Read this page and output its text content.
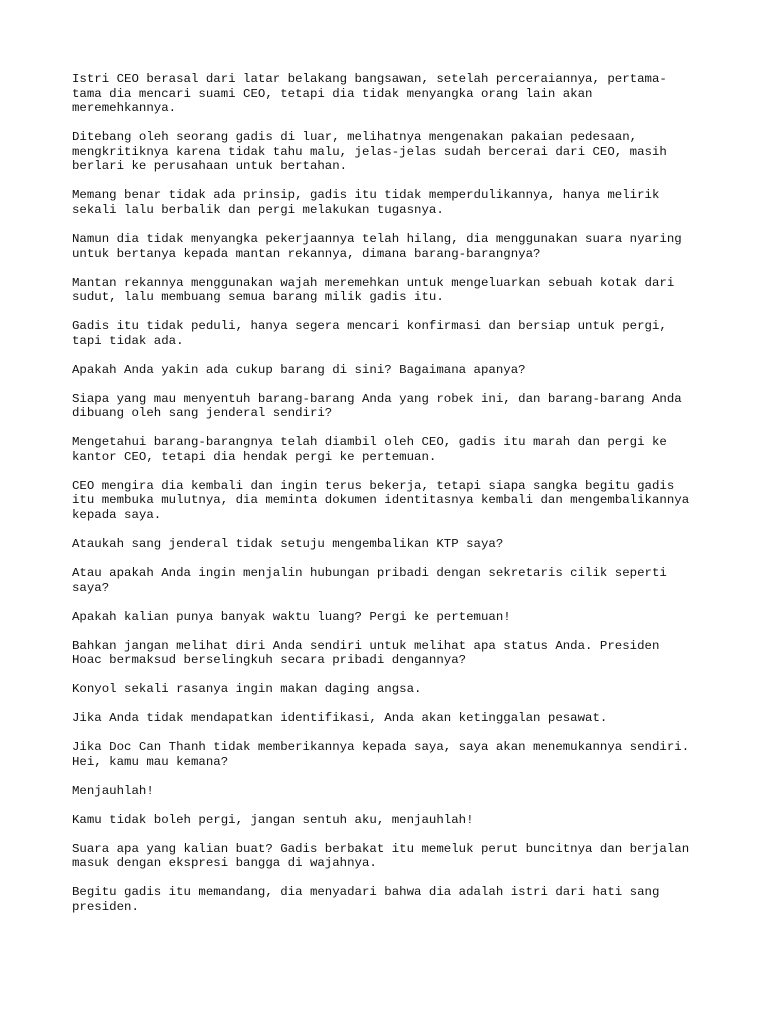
Istri CEO berasal dari latar belakang bangsawan, setelah perceraiannya, pertama-
tama dia mencari suami CEO, tetapi dia tidak menyangka orang lain akan
meremehkannya.

Ditebang oleh seorang gadis di luar, melihatnya mengenakan pakaian pedesaan,
mengkritiknya karena tidak tahu malu, jelas-jelas sudah bercerai dari CEO, masih
berlari ke perusahaan untuk bertahan.

Memang benar tidak ada prinsip, gadis itu tidak memperdulikannya, hanya melirik
sekali lalu berbalik dan pergi melakukan tugasnya.

Namun dia tidak menyangka pekerjaannya telah hilang, dia menggunakan suara nyaring
untuk bertanya kepada mantan rekannya, dimana barang-barangnya?

Mantan rekannya menggunakan wajah meremehkan untuk mengeluarkan sebuah kotak dari
sudut, lalu membuang semua barang milik gadis itu.

Gadis itu tidak peduli, hanya segera mencari konfirmasi dan bersiap untuk pergi,
tapi tidak ada.

Apakah Anda yakin ada cukup barang di sini? Bagaimana apanya?

Siapa yang mau menyentuh barang-barang Anda yang robek ini, dan barang-barang Anda
dibuang oleh sang jenderal sendiri?

Mengetahui barang-barangnya telah diambil oleh CEO, gadis itu marah dan pergi ke
kantor CEO, tetapi dia hendak pergi ke pertemuan.

CEO mengira dia kembali dan ingin terus bekerja, tetapi siapa sangka begitu gadis
itu membuka mulutnya, dia meminta dokumen identitasnya kembali dan mengembalikannya
kepada saya.

Ataukah sang jenderal tidak setuju mengembalikan KTP saya?

Atau apakah Anda ingin menjalin hubungan pribadi dengan sekretaris cilik seperti
saya?

Apakah kalian punya banyak waktu luang? Pergi ke pertemuan!

Bahkan jangan melihat diri Anda sendiri untuk melihat apa status Anda. Presiden
Hoac bermaksud berselingkuh secara pribadi dengannya?

Konyol sekali rasanya ingin makan daging angsa.

Jika Anda tidak mendapatkan identifikasi, Anda akan ketinggalan pesawat.

Jika Doc Can Thanh tidak memberikannya kepada saya, saya akan menemukannya sendiri.
Hei, kamu mau kemana?

Menjauhlah!

Kamu tidak boleh pergi, jangan sentuh aku, menjauhlah!

Suara apa yang kalian buat? Gadis berbakat itu memeluk perut buncitnya dan berjalan
masuk dengan ekspresi bangga di wajahnya.

Begitu gadis itu memandang, dia menyadari bahwa dia adalah istri dari hati sang
presiden.
